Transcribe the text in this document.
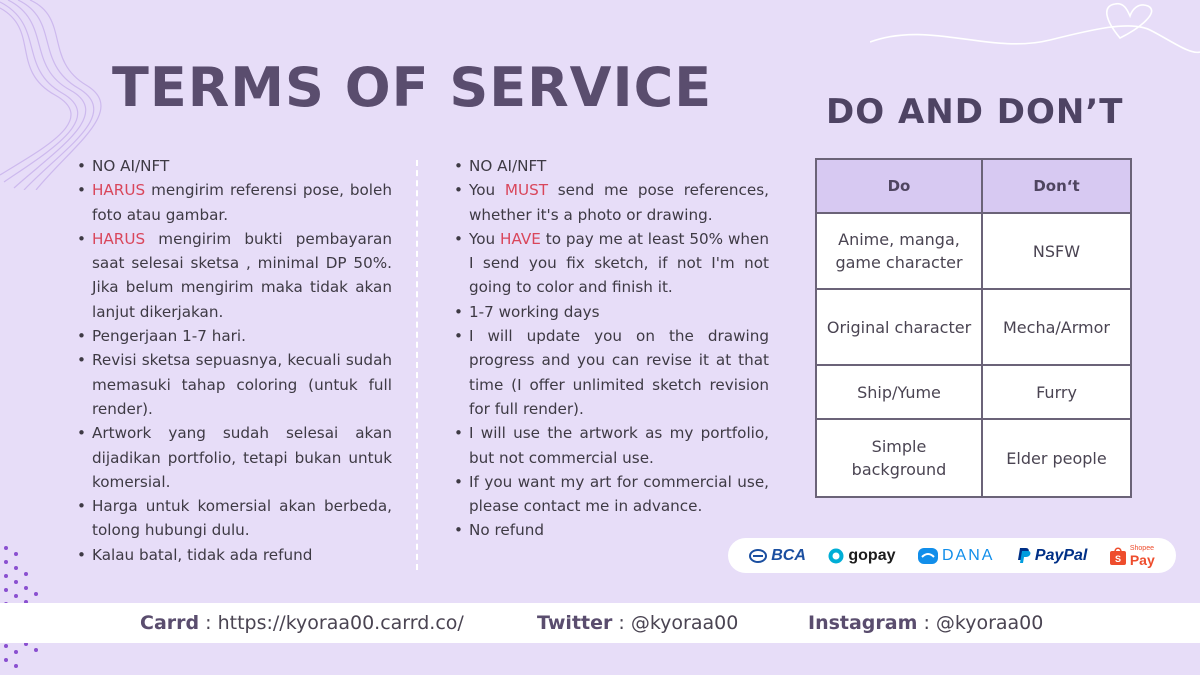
TERMS OF SERVICE	DO AND DON’T
• NO AI/NFT
• HARUS mengirim referensi pose, boleh foto atau gambar.
• HARUS mengirim bukti pembayaran saat selesai sketsa , minimal DP 50%. Jika belum mengirim maka tidak akan lanjut dikerjakan.
• Pengerjaan 1-7 hari.
• Revisi sketsa sepuasnya, kecuali sudah memasuki tahap coloring (untuk full render).
• Artwork yang sudah selesai akan dijadikan portfolio, tetapi bukan untuk komersial.
• Harga untuk komersial akan berbeda, tolong hubungi dulu.
• Kalau batal, tidak ada refund
• NO AI/NFT
• You MUST send me pose references, whether it's a photo or drawing.
• You HAVE to pay me at least 50% when I send you fix sketch, if not I'm not going to color and finish it.
• 1-7 working days
• I will update you on the drawing progress and you can revise it at that time (I offer unlimited sketch revision for full render).
• I will use the artwork as my portfolio, but not commercial use.
• If you want my art for commercial use, please contact me in advance.
• No refund
Do	Don‘t
Anime, manga, game character	NSFW
Original character	Mecha/Armor
Ship/Yume	Furry
Simple background	Elder people
BCA	gopay	DANA	PayPal	S
Shopee
Pay
Carrd : https://kyoraa00.carrd.co/	Twitter : @kyoraa00	Instagram : @kyoraa00
